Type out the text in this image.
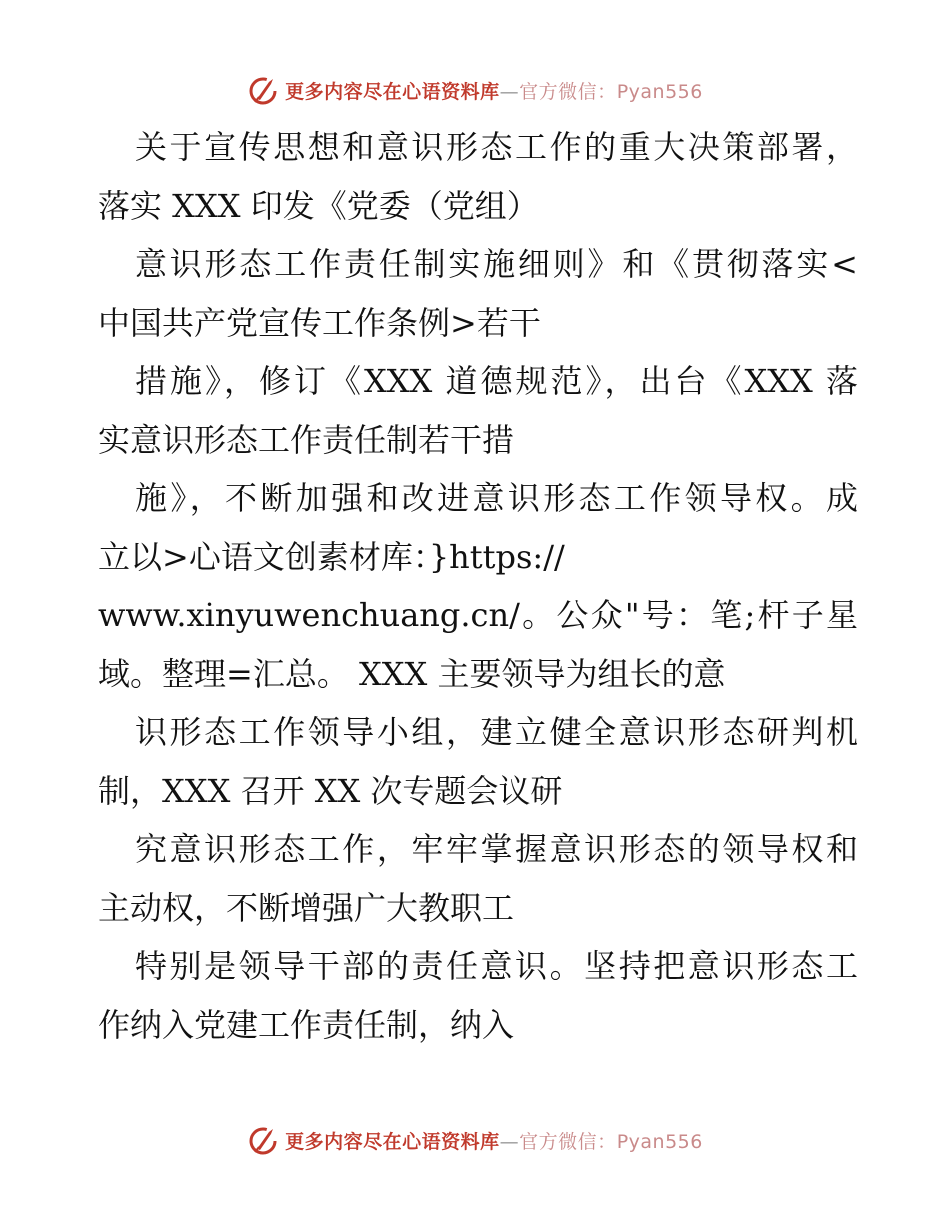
更多内容尽在心语资料库—官方微信：Pyan556
关于宣传思想和意识形态工作的重大决策部署，
落实 XXX 印发《党委（党组）
意识形态工作责任制实施细则》和《贯彻落实<
中国共产党宣传工作条例>若干
措施》，修订《XXX 道德规范》，出台《XXX 落
实意识形态工作责任制若干措
施》，不断加强和改进意识形态工作领导权。成
立以>心语文创素材库：}https://
www.xinyuwenchuang.cn/。公众"号：笔;杆子星
域。整理=汇总。 XXX 主要领导为组长的意
识形态工作领导小组，建立健全意识形态研判机
制，XXX 召开 XX 次专题会议研
究意识形态工作，牢牢掌握意识形态的领导权和
主动权，不断增强广大教职工
特别是领导干部的责任意识。坚持把意识形态工
作纳入党建工作责任制，纳入
更多内容尽在心语资料库—官方微信：Pyan556
